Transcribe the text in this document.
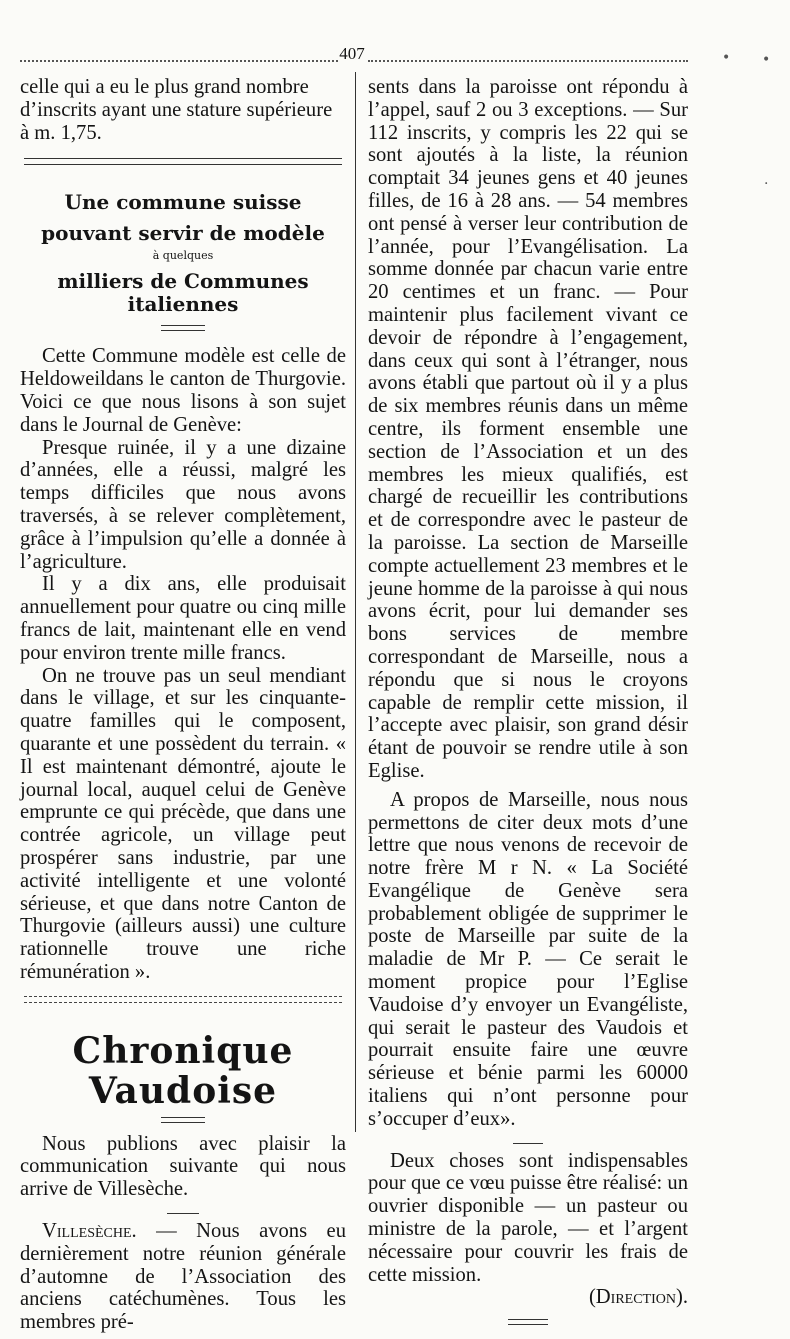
407	• •
·

celle qui a eu le plus grand nombre

d’inscrits ayant une stature supérieure

à m. 1,75.

Une commune suisse
pouvant servir de modèle
à quelques
milliers de Communes italiennes

Cette Commune modèle est celle de Heldoweildans le canton de Thurgovie. Voici ce que nous lisons à son sujet dans le Journal de Genève:

Presque ruinée, il y a une dizaine d’années, elle a réussi, malgré les temps difficiles que nous avons traversés, à se relever complètement, grâce à l’impulsion qu’elle a donnée à l’agriculture.

Il y a dix ans, elle produisait annuellement pour quatre ou cinq mille francs de lait, maintenant elle en vend pour environ trente mille francs.

On ne trouve pas un seul mendiant dans le village, et sur les cinquante-quatre familles qui le composent, quarante et une possèdent du terrain. « Il est maintenant démontré, ajoute le journal local, auquel celui de Genève emprunte ce qui précède, que dans une contrée agricole, un village peut prospérer sans industrie, par une activité intelligente et une volonté sérieuse, et que dans notre Canton de Thurgovie (ailleurs aussi) une culture rationnelle trouve une riche rémunération ».

Chronique Vaudoise

Nous publions avec plaisir la communication suivante qui nous arrive de Villesèche.

Villesèche. — Nous avons eu dernièrement notre réunion générale d’automne de l’Association des anciens catéchumènes. Tous les membres pré-

sents dans la paroisse ont répondu à l’appel, sauf 2 ou 3 exceptions. — Sur 112 inscrits, y compris les 22 qui se sont ajoutés à la liste, la réunion comptait 34 jeunes gens et 40 jeunes filles, de 16 à 28 ans. — 54 membres ont pensé à verser leur contribution de l’année, pour l’Evangélisation. La somme donnée par chacun varie entre 20 centimes et un franc. — Pour maintenir plus facilement vivant ce devoir de répondre à l’engagement, dans ceux qui sont à l’étranger, nous avons établi que partout où il y a plus de six membres réunis dans un même centre, ils forment ensemble une section de l’Association et un des membres les mieux qualifiés, est chargé de recueillir les contributions et de correspondre avec le pasteur de la paroisse. La section de Marseille compte actuellement 23 membres et le jeune homme de la paroisse à qui nous avons écrit, pour lui demander ses bons services de membre correspondant de Marseille, nous a répondu que si nous le croyons capable de remplir cette mission, il l’accepte avec plaisir, son grand désir étant de pouvoir se rendre utile à son Eglise.

A propos de Marseille, nous nous permettons de citer deux mots d’une lettre que nous venons de recevoir de notre frère M r N. « La Société Evangélique de Genève sera probablement obligée de supprimer le poste de Marseille par suite de la maladie de Mr P. — Ce serait le moment propice pour l’Eglise Vaudoise d’y envoyer un Evangéliste, qui serait le pasteur des Vaudois et pourrait ensuite faire une œuvre sérieuse et bénie parmi les 60000 italiens qui n’ont personne pour s’occuper d’eux».

Deux choses sont indispensables pour que ce vœu puisse être réalisé: un ouvrier disponible — un pasteur ou ministre de la parole, — et l’argent nécessaire pour couvrir les frais de cette mission.

(Direction).
